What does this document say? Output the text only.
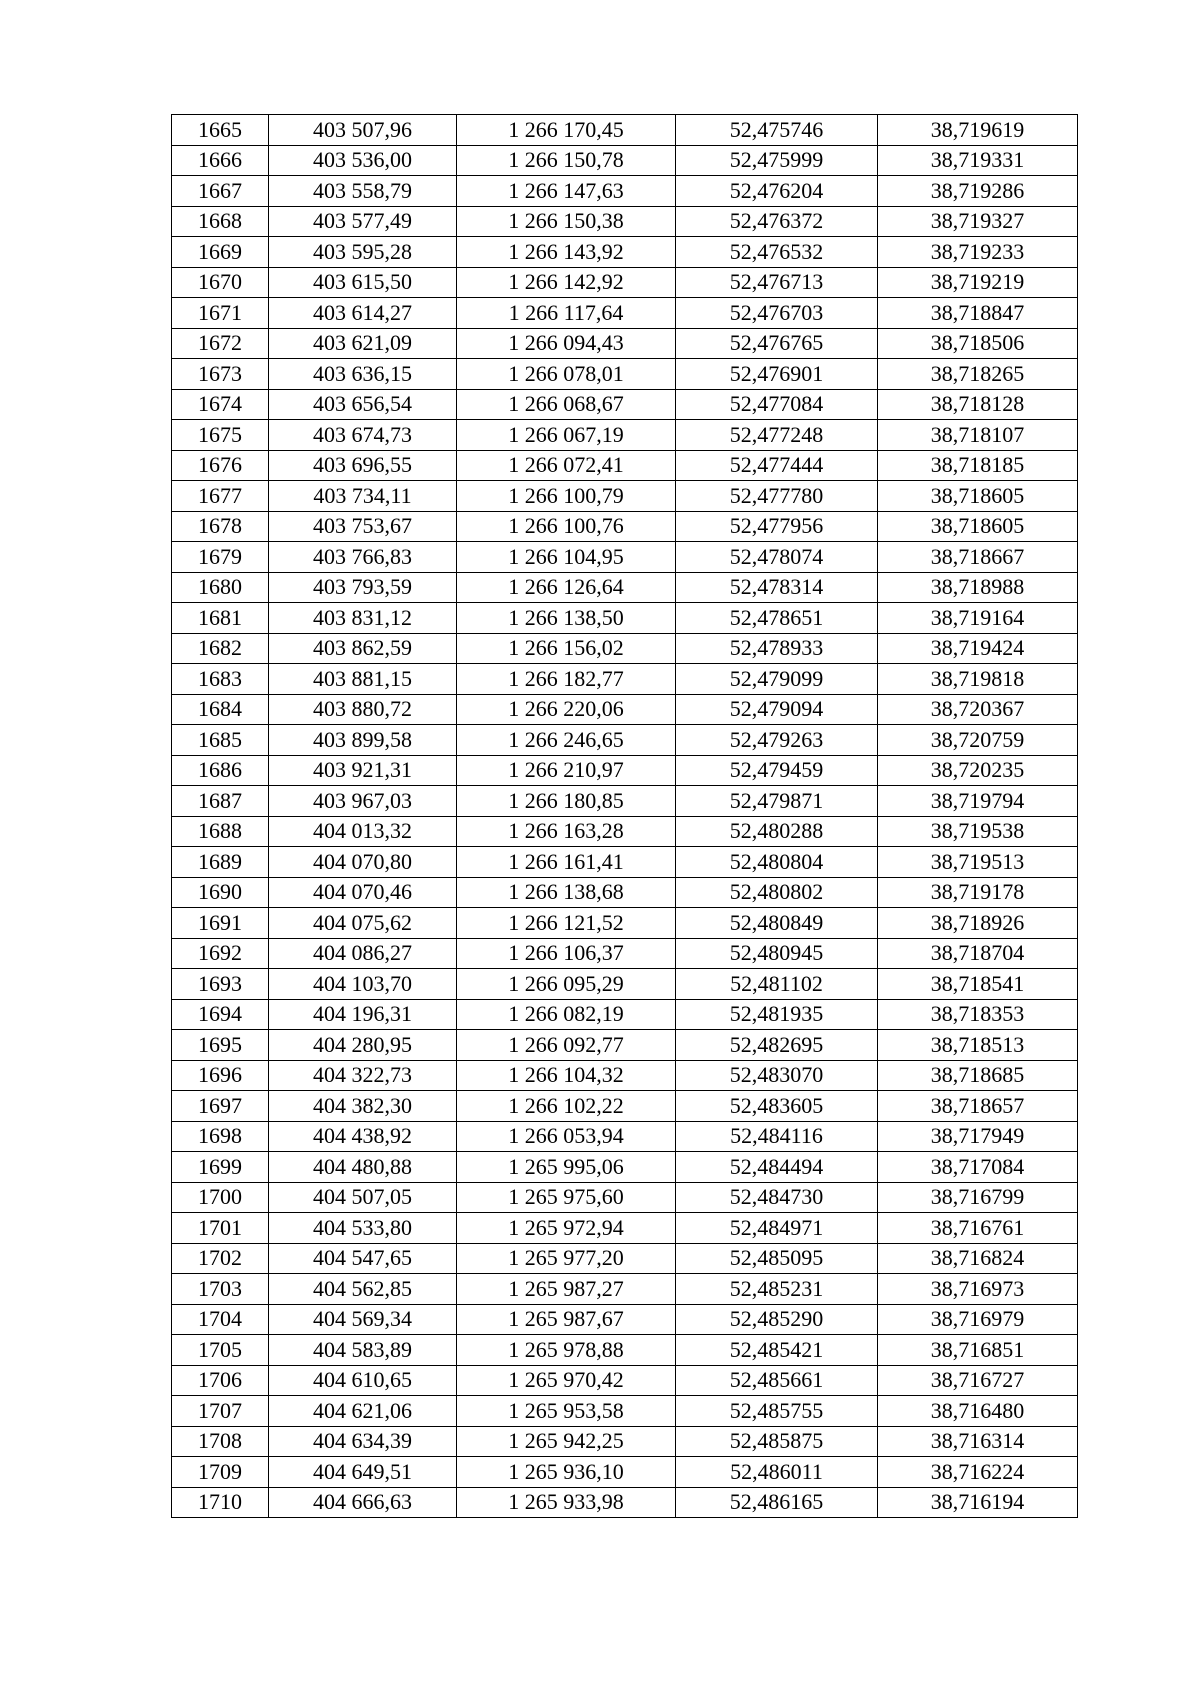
1665	403 507,96	1 266 170,45	52,475746	38,719619
1666	403 536,00	1 266 150,78	52,475999	38,719331
1667	403 558,79	1 266 147,63	52,476204	38,719286
1668	403 577,49	1 266 150,38	52,476372	38,719327
1669	403 595,28	1 266 143,92	52,476532	38,719233
1670	403 615,50	1 266 142,92	52,476713	38,719219
1671	403 614,27	1 266 117,64	52,476703	38,718847
1672	403 621,09	1 266 094,43	52,476765	38,718506
1673	403 636,15	1 266 078,01	52,476901	38,718265
1674	403 656,54	1 266 068,67	52,477084	38,718128
1675	403 674,73	1 266 067,19	52,477248	38,718107
1676	403 696,55	1 266 072,41	52,477444	38,718185
1677	403 734,11	1 266 100,79	52,477780	38,718605
1678	403 753,67	1 266 100,76	52,477956	38,718605
1679	403 766,83	1 266 104,95	52,478074	38,718667
1680	403 793,59	1 266 126,64	52,478314	38,718988
1681	403 831,12	1 266 138,50	52,478651	38,719164
1682	403 862,59	1 266 156,02	52,478933	38,719424
1683	403 881,15	1 266 182,77	52,479099	38,719818
1684	403 880,72	1 266 220,06	52,479094	38,720367
1685	403 899,58	1 266 246,65	52,479263	38,720759
1686	403 921,31	1 266 210,97	52,479459	38,720235
1687	403 967,03	1 266 180,85	52,479871	38,719794
1688	404 013,32	1 266 163,28	52,480288	38,719538
1689	404 070,80	1 266 161,41	52,480804	38,719513
1690	404 070,46	1 266 138,68	52,480802	38,719178
1691	404 075,62	1 266 121,52	52,480849	38,718926
1692	404 086,27	1 266 106,37	52,480945	38,718704
1693	404 103,70	1 266 095,29	52,481102	38,718541
1694	404 196,31	1 266 082,19	52,481935	38,718353
1695	404 280,95	1 266 092,77	52,482695	38,718513
1696	404 322,73	1 266 104,32	52,483070	38,718685
1697	404 382,30	1 266 102,22	52,483605	38,718657
1698	404 438,92	1 266 053,94	52,484116	38,717949
1699	404 480,88	1 265 995,06	52,484494	38,717084
1700	404 507,05	1 265 975,60	52,484730	38,716799
1701	404 533,80	1 265 972,94	52,484971	38,716761
1702	404 547,65	1 265 977,20	52,485095	38,716824
1703	404 562,85	1 265 987,27	52,485231	38,716973
1704	404 569,34	1 265 987,67	52,485290	38,716979
1705	404 583,89	1 265 978,88	52,485421	38,716851
1706	404 610,65	1 265 970,42	52,485661	38,716727
1707	404 621,06	1 265 953,58	52,485755	38,716480
1708	404 634,39	1 265 942,25	52,485875	38,716314
1709	404 649,51	1 265 936,10	52,486011	38,716224
1710	404 666,63	1 265 933,98	52,486165	38,716194
